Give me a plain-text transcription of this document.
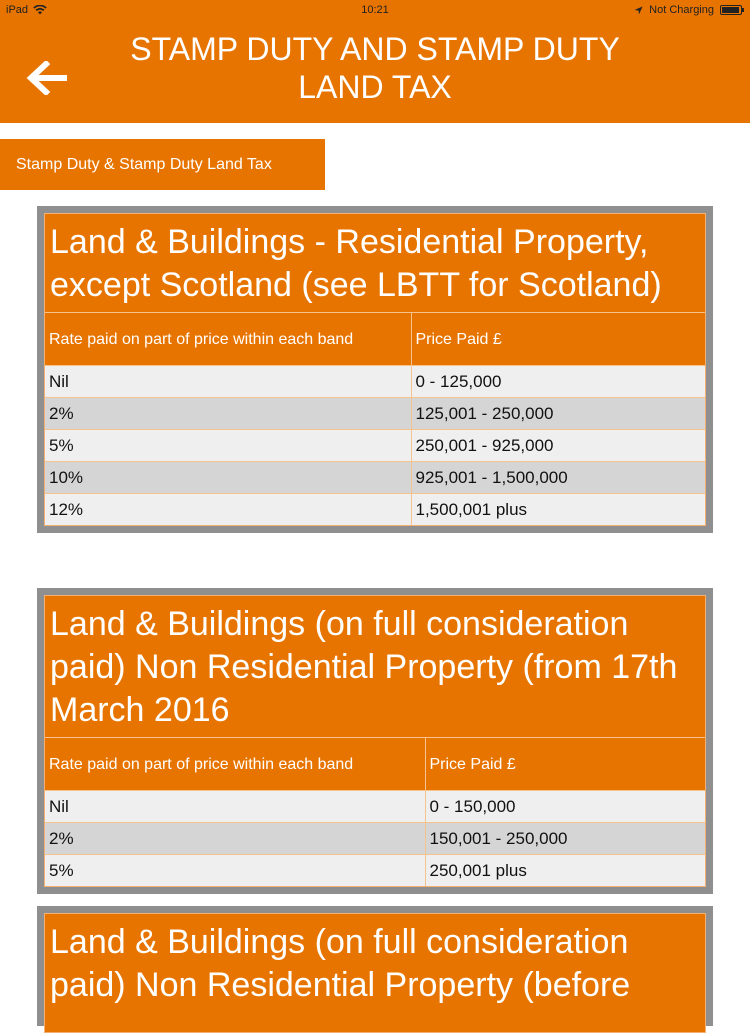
iPad	10:21	Not Charging
STAMP DUTY AND STAMP DUTY LAND TAX
Stamp Duty & Stamp Duty Land Tax
Land & Buildings - Residential Property, except Scotland (see LBTT for Scotland)
Rate paid on part of price within each band	Price Paid £
Nil	0 - 125,000
2%	125,001 - 250,000
5%	250,001 - 925,000
10%	925,001 - 1,500,000
12%	1,500,001 plus
Land & Buildings (on full consideration paid) Non Residential Property (from 17th March 2016
Rate paid on part of price within each band	Price Paid £
Nil	0 - 150,000
2%	150,001 - 250,000
5%	250,001 plus
Land & Buildings (on full consideration paid) Non Residential Property (before
